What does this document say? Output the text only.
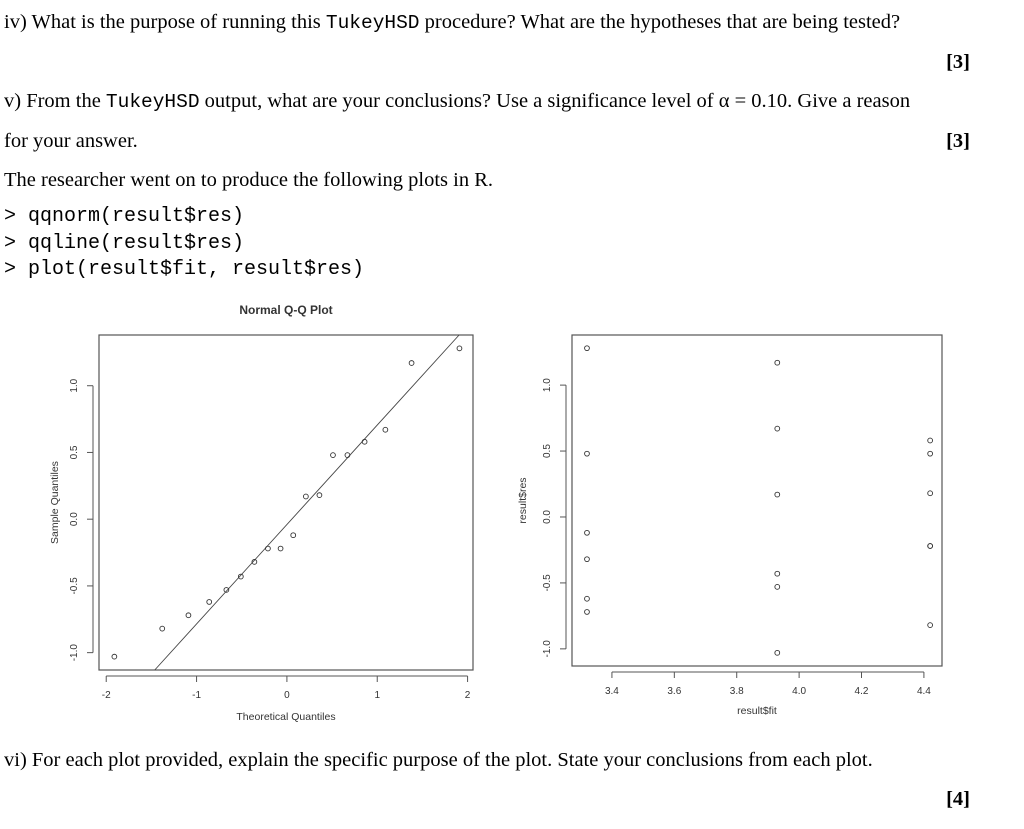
iv) What is the purpose of running this TukeyHSD procedure? What are the hypotheses that are being tested?
[3]
v) From the TukeyHSD output, what are your conclusions? Use a significance level of α = 0.10. Give a reason
for your answer.	[3]
The researcher went on to produce the following plots in R.
> qqnorm(result$res)
> qqline(result$res)
> plot(result$fit, result$res)
Normal Q-Q Plot
-2	-1	0	1	2
-1.0
-0.5
0.0
0.5
1.0
Theoretical Quantiles
Sample Quantiles
3.4	3.6	3.8	4.0	4.2	4.4
-1.0
-0.5
0.0
0.5
1.0
result$fit
result$res
vi) For each plot provided, explain the specific purpose of the plot. State your conclusions from each plot.
[4]
